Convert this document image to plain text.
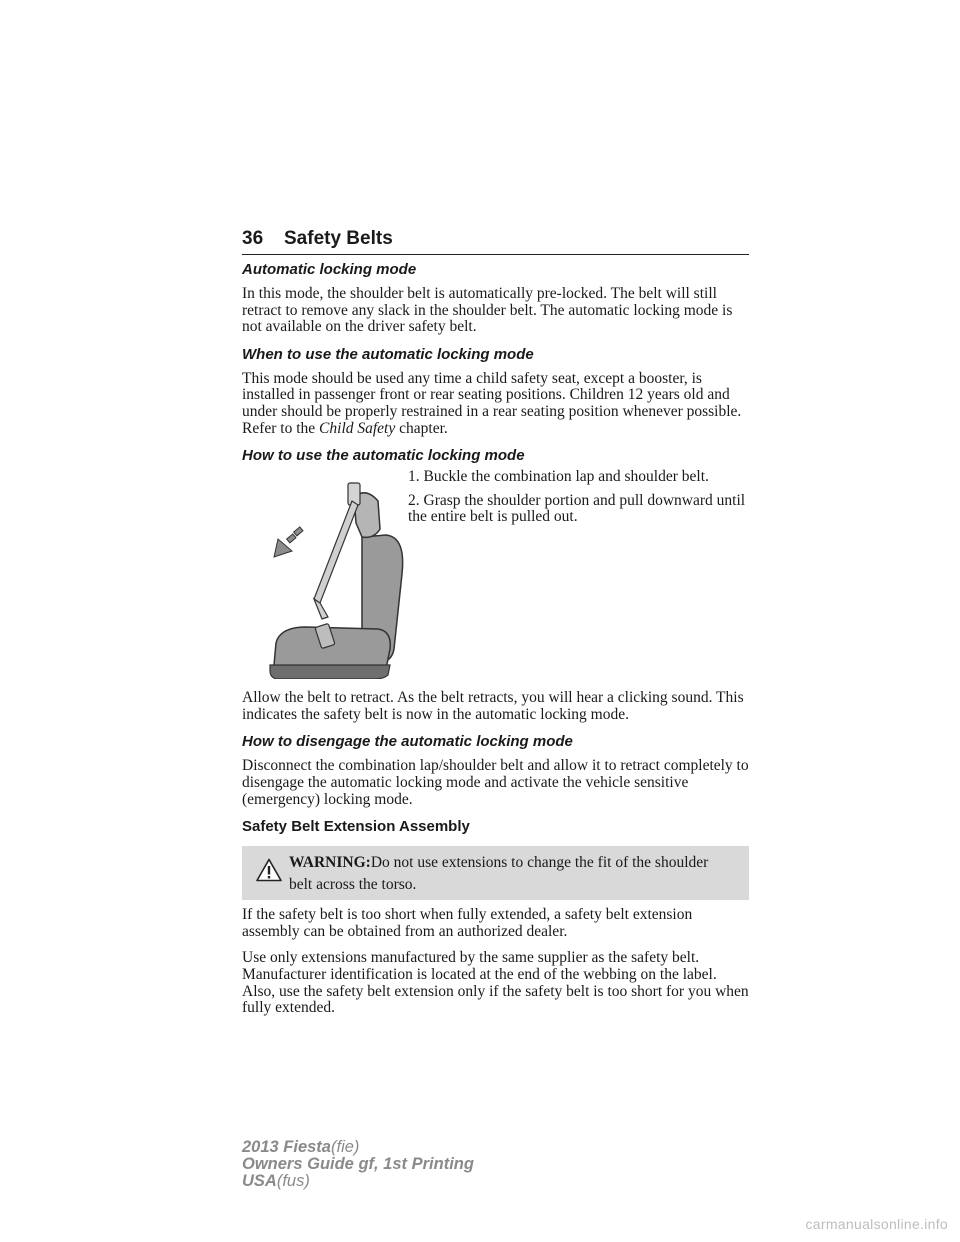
36	Safety Belts
Automatic locking mode

In this mode, the shoulder belt is automatically pre-locked. The belt will still retract to remove any slack in the shoulder belt. The automatic locking mode is not available on the driver safety belt.

When to use the automatic locking mode

This mode should be used any time a child safety seat, except a booster, is installed in passenger front or rear seating positions. Children 12 years old and under should be properly restrained in a rear seating position whenever possible. Refer to the Child Safety chapter.

How to use the automatic locking mode

1. Buckle the combination lap and shoulder belt.

2. Grasp the shoulder portion and pull downward until the entire belt is pulled out.

Allow the belt to retract. As the belt retracts, you will hear a clicking sound. This indicates the safety belt is now in the automatic locking mode.

How to disengage the automatic locking mode

Disconnect the combination lap/shoulder belt and allow it to retract completely to disengage the automatic locking mode and activate the vehicle sensitive (emergency) locking mode.

Safety Belt Extension Assembly
WARNING:Do not use extensions to change the fit of the shoulder belt across the torso.

If the safety belt is too short when fully extended, a safety belt extension assembly can be obtained from an authorized dealer.

Use only extensions manufactured by the same supplier as the safety belt. Manufacturer identification is located at the end of the webbing on the label. Also, use the safety belt extension only if the safety belt is too short for you when fully extended.

2013 Fiesta(fie)
Owners Guide gf, 1st Printing
USA(fus)
carmanualsonline.info
